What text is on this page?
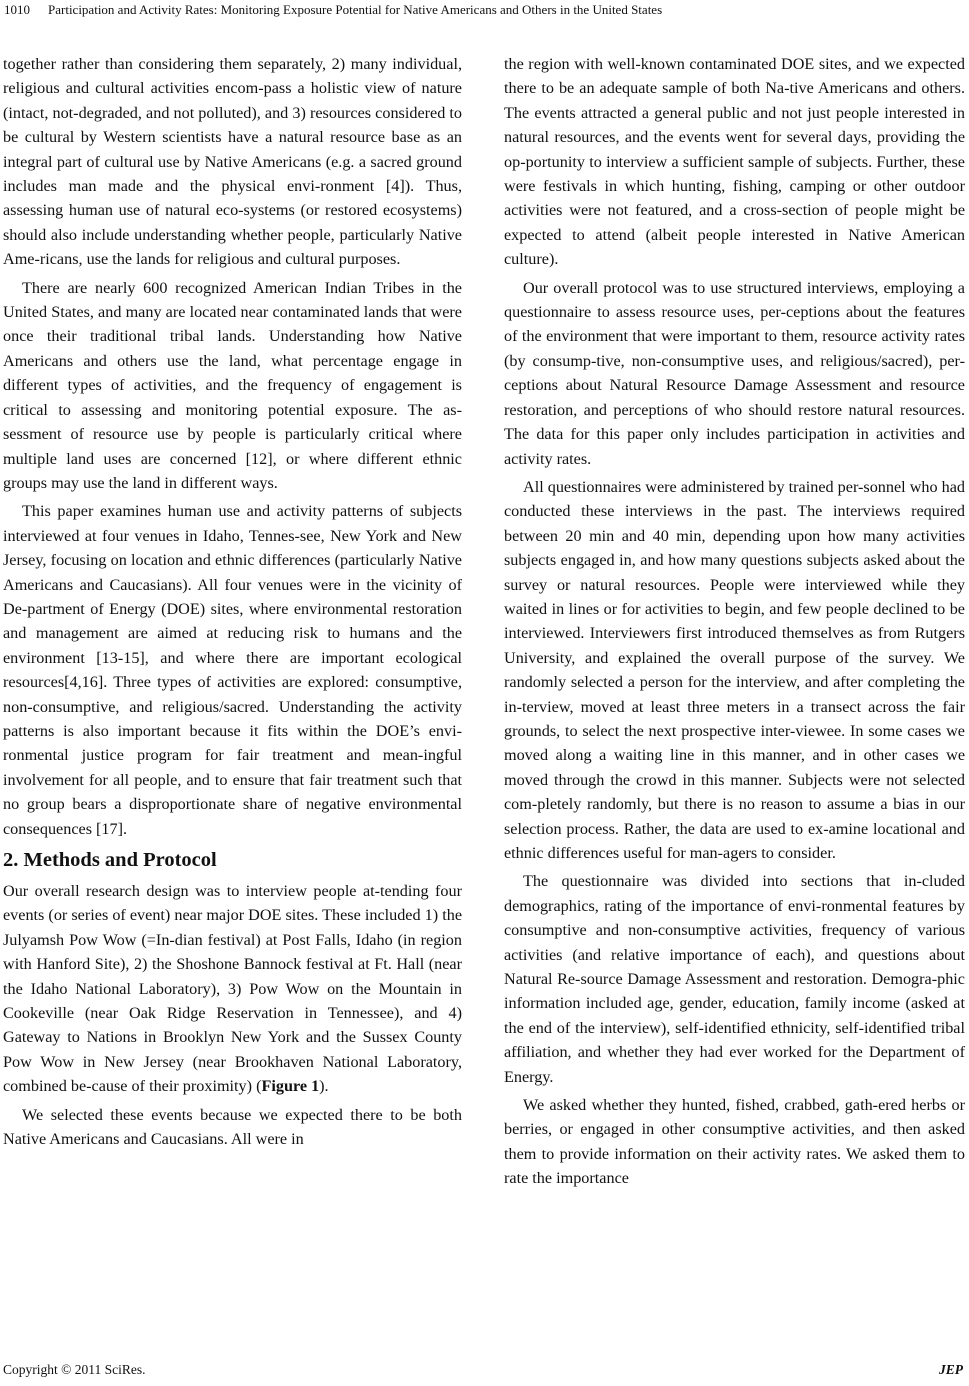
1010 Participation and Activity Rates: Monitoring Exposure Potential for Native Americans and Others in the United States

together rather than considering them separately, 2) many individual, religious and cultural activities encom-pass a holistic view of nature (intact, not-degraded, and not polluted), and 3) resources considered to be cultural by Western scientists have a natural resource base as an integral part of cultural use by Native Americans (e.g. a sacred ground includes man made and the physical envi-ronment [4]). Thus, assessing human use of natural eco-systems (or restored ecosystems) should also include understanding whether people, particularly Native Ame-ricans, use the lands for religious and cultural purposes.

There are nearly 600 recognized American Indian Tribes in the United States, and many are located near contaminated lands that were once their traditional tribal lands. Understanding how Native Americans and others use the land, what percentage engage in different types of activities, and the frequency of engagement is critical to assessing and monitoring potential exposure. The as-sessment of resource use by people is particularly critical where multiple land uses are concerned [12], or where different ethnic groups may use the land in different ways.

This paper examines human use and activity patterns of subjects interviewed at four venues in Idaho, Tennes-see, New York and New Jersey, focusing on location and ethnic differences (particularly Native Americans and Caucasians). All four venues were in the vicinity of De-partment of Energy (DOE) sites, where environmental restoration and management are aimed at reducing risk to humans and the environment [13-15], and where there are important ecological resources[4,16]. Three types of activities are explored: consumptive, non-consumptive, and religious/sacred. Understanding the activity patterns is also important because it fits within the DOE’s envi-ronmental justice program for fair treatment and mean-ingful involvement for all people, and to ensure that fair treatment such that no group bears a disproportionate share of negative environmental consequences [17].

2. Methods and Protocol

Our overall research design was to interview people at-tending four events (or series of event) near major DOE sites. These included 1) the Julyamsh Pow Wow (=In-dian festival) at Post Falls, Idaho (in region with Hanford Site), 2) the Shoshone Bannock festival at Ft. Hall (near the Idaho National Laboratory), 3) Pow Wow on the Mountain in Cookeville (near Oak Ridge Reservation in Tennessee), and 4) Gateway to Nations in Brooklyn New York and the Sussex County Pow Wow in New Jersey (near Brookhaven National Laboratory, combined be-cause of their proximity) (Figure 1).

We selected these events because we expected there to be both Native Americans and Caucasians. All were in

the region with well-known contaminated DOE sites, and we expected there to be an adequate sample of both Na-tive Americans and others. The events attracted a general public and not just people interested in natural resources, and the events went for several days, providing the op-portunity to interview a sufficient sample of subjects. Further, these were festivals in which hunting, fishing, camping or other outdoor activities were not featured, and a cross-section of people might be expected to attend (albeit people interested in Native American culture).

Our overall protocol was to use structured interviews, employing a questionnaire to assess resource uses, per-ceptions about the features of the environment that were important to them, resource activity rates (by consump-tive, non-consumptive uses, and religious/sacred), per-ceptions about Natural Resource Damage Assessment and resource restoration, and perceptions of who should restore natural resources. The data for this paper only includes participation in activities and activity rates.

All questionnaires were administered by trained per-sonnel who had conducted these interviews in the past. The interviews required between 20 min and 40 min, depending upon how many activities subjects engaged in, and how many questions subjects asked about the survey or natural resources. People were interviewed while they waited in lines or for activities to begin, and few people declined to be interviewed. Interviewers first introduced themselves as from Rutgers University, and explained the overall purpose of the survey. We randomly selected a person for the interview, and after completing the in-terview, moved at least three meters in a transect across the fair grounds, to select the next prospective inter-viewee. In some cases we moved along a waiting line in this manner, and in other cases we moved through the crowd in this manner. Subjects were not selected com-pletely randomly, but there is no reason to assume a bias in our selection process. Rather, the data are used to ex-amine locational and ethnic differences useful for man-agers to consider.

The questionnaire was divided into sections that in-cluded demographics, rating of the importance of envi-ronmental features by consumptive and non-consumptive activities, frequency of various activities (and relative importance of each), and questions about Natural Re-source Damage Assessment and restoration. Demogra-phic information included age, gender, education, family income (asked at the end of the interview), self-identified ethnicity, self-identified tribal affiliation, and whether they had ever worked for the Department of Energy.

We asked whether they hunted, fished, crabbed, gath-ered herbs or berries, or engaged in other consumptive activities, and then asked them to provide information on their activity rates. We asked them to rate the importance

Copyright © 2011 SciRes.	JEP
